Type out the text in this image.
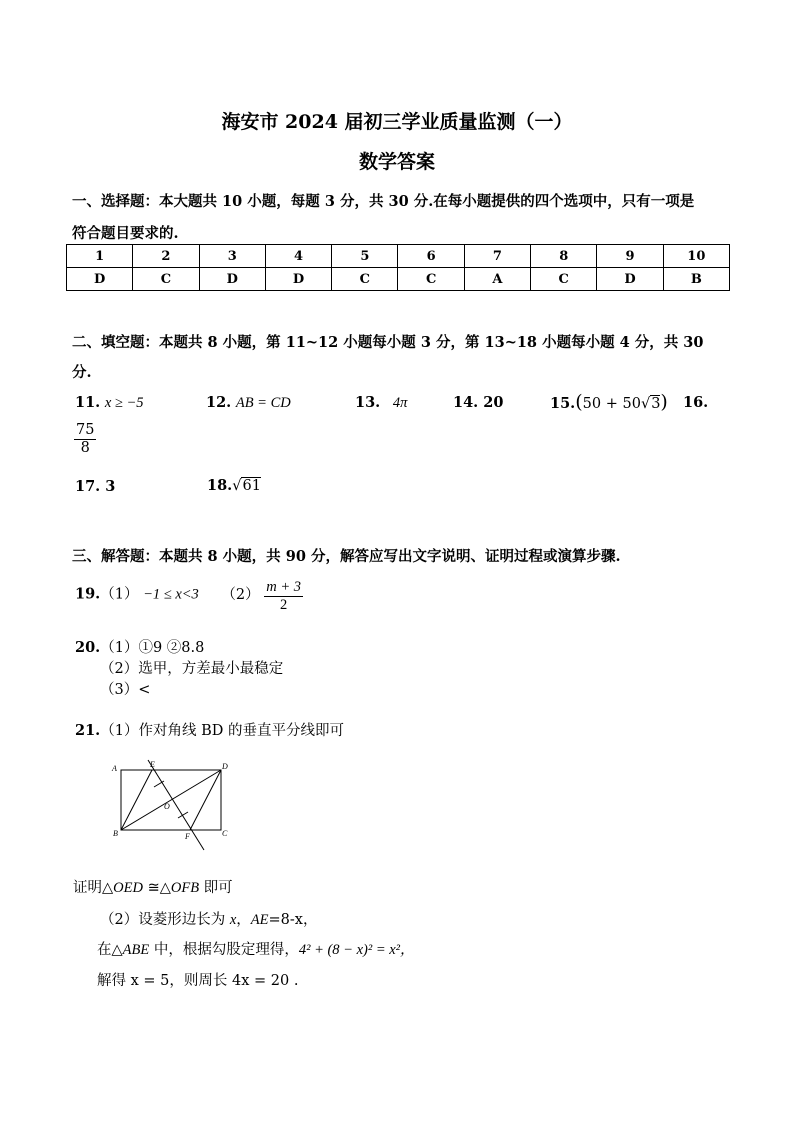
海安市 2024 届初三学业质量监测（一）
数学答案
一、选择题：本大题共 10 小题，每题 3 分，共 30 分.在每小题提供的四个选项中，只有一项是
符合题目要求的.
1	2	3	4	5	6	7	8	9	10
D	C	D	D	C	C	A	C	D	B
二、填空题：本题共 8 小题，第 11~12 小题每小题 3 分，第 13~18 小题每小题 4 分，共 30
分.
11. x ≥ −5	12. AB = CD	13. 4π	14. 20	15.(50 + 50√3) 16.
$\frac{75}{8}$
17. 3	18.√61
三、解答题：本题共 8 小题，共 90 分，解答应写出文字说明、证明过程或演算步骤.
19.（1） −1 ≤ x<3 $(2) \frac{m + 3}{2}$
20.（1）①9 ②8.8
（2）选甲，方差最小最稳定
（3）<
21.（1）作对角线 BD 的垂直平分线即可
A	E	D
O
B	F	C
证明△OED ≅△OFB 即可
（2）设菱形边长为 x，AE=8-x，
在△ABE 中，根据勾股定理得，4² + (8 − x)² = x²，
解得 x = 5，则周长 4x = 20 .
